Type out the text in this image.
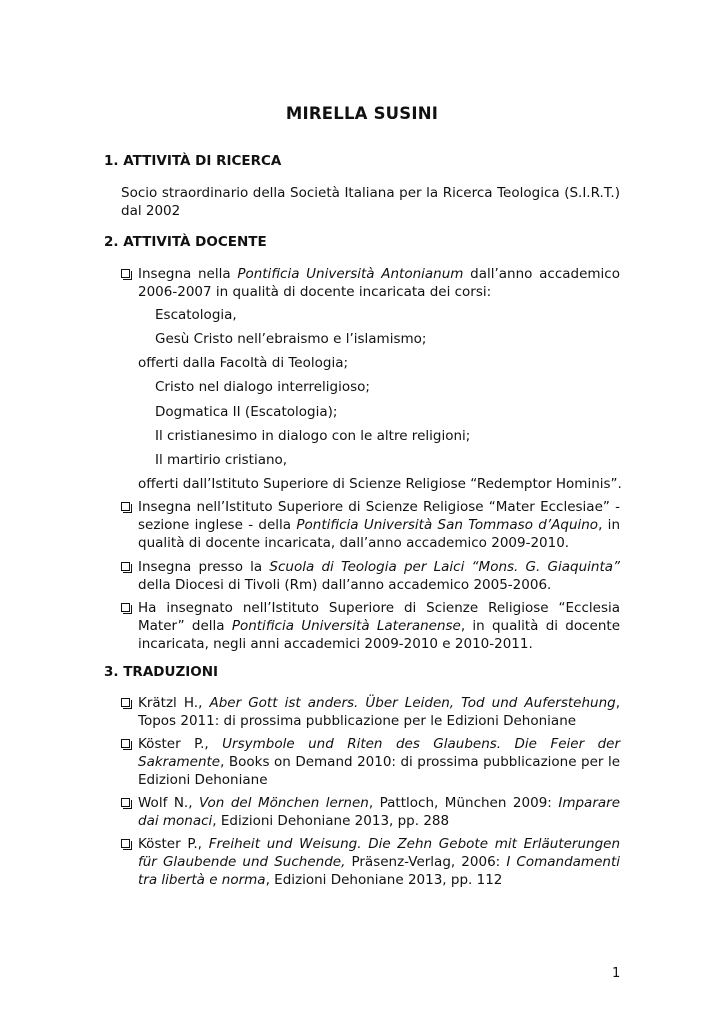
MIRELLA SUSINI
1. ATTIVITÀ DI RICERCA
Socio straordinario della Società Italiana per la Ricerca Teologica (S.I.R.T.) dal 2002
2. ATTIVITÀ DOCENTE
Insegna nella Pontificia Università Antonianum dall’anno accademico 2006-2007 in qualità di docente incaricata dei corsi:
Escatologia,
Gesù Cristo nell’ebraismo e l’islamismo;
offerti dalla Facoltà di Teologia;
Cristo nel dialogo interreligioso;
Dogmatica II (Escatologia);
Il cristianesimo in dialogo con le altre religioni;
Il martirio cristiano,
offerti dall’Istituto Superiore di Scienze Religiose “Redemptor Hominis”.
Insegna nell’Istituto Superiore di Scienze Religiose “Mater Ecclesiae” - sezione inglese - della Pontificia Università San Tommaso d’Aquino, in qualità di docente incaricata, dall’anno accademico 2009-2010.
Insegna presso la Scuola di Teologia per Laici “Mons. G. Giaquinta” della Diocesi di Tivoli (Rm) dall’anno accademico 2005-2006.
Ha insegnato nell’Istituto Superiore di Scienze Religiose “Ecclesia Mater” della Pontificia Università Lateranense, in qualità di docente incaricata, negli anni accademici 2009-2010 e 2010-2011.
3. TRADUZIONI
Krätzl H., Aber Gott ist anders. Über Leiden, Tod und Auferstehung, Topos 2011: di prossima pubblicazione per le Edizioni Dehoniane
Köster P., Ursymbole und Riten des Glaubens. Die Feier der Sakramente, Books on Demand 2010: di prossima pubblicazione per le Edizioni Dehoniane
Wolf N., Von del Mönchen lernen, Pattloch, München 2009: Imparare dai monaci, Edizioni Dehoniane 2013, pp. 288
Köster P., Freiheit und Weisung. Die Zehn Gebote mit Erläuterungen für Glaubende und Suchende, Präsenz-Verlag, 2006: I Comandamenti tra libertà e norma, Edizioni Dehoniane 2013, pp. 112
1
